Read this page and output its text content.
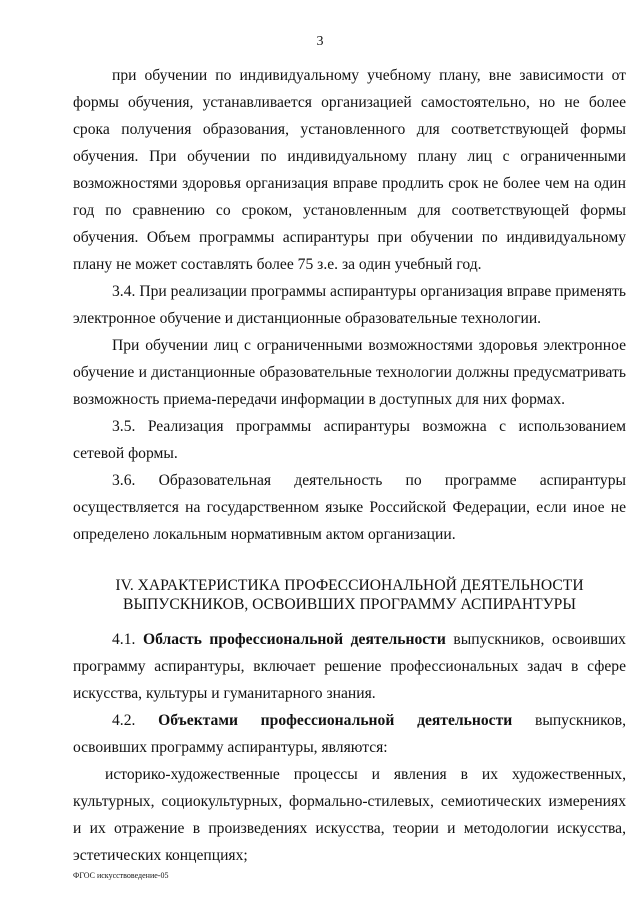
3

при обучении по индивидуальному учебному плану, вне зависимости от формы обучения, устанавливается организацией самостоятельно, но не более срока получения образования, установленного для соответствующей формы обучения. При обучении по индивидуальному плану лиц с ограниченными возможностями здоровья организация вправе продлить срок не более чем на один год по сравнению со сроком, установленным для соответствующей формы обучения. Объем программы аспирантуры при обучении по индивидуальному плану не может составлять более 75 з.е. за один учебный год.

3.4. При реализации программы аспирантуры организация вправе применять электронное обучение и дистанционные образовательные технологии.

При обучении лиц с ограниченными возможностями здоровья электронное обучение и дистанционные образовательные технологии должны предусматривать возможность приема-передачи информации в доступных для них формах.

3.5. Реализация программы аспирантуры возможна с использованием сетевой формы.

3.6. Образовательная деятельность по программе аспирантуры осуществляется на государственном языке Российской Федерации, если иное не определено локальным нормативным актом организации.

IV. ХАРАКТЕРИСТИКА ПРОФЕССИОНАЛЬНОЙ ДЕЯТЕЛЬНОСТИ
ВЫПУСКНИКОВ, ОСВОИВШИХ ПРОГРАММУ АСПИРАНТУРЫ

4.1. Область профессиональной деятельности выпускников, освоивших программу аспирантуры, включает решение профессиональных задач в сфере искусства, культуры и гуманитарного знания.

4.2. Объектами профессиональной деятельности выпускников, освоивших программу аспирантуры, являются:

историко-художественные процессы и явления в их художественных, культурных, социокультурных, формально-стилевых, семиотических измерениях и их отражение в произведениях искусства, теории и методологии искусства, эстетических концепциях;

ФГОС искусствоведение-05
